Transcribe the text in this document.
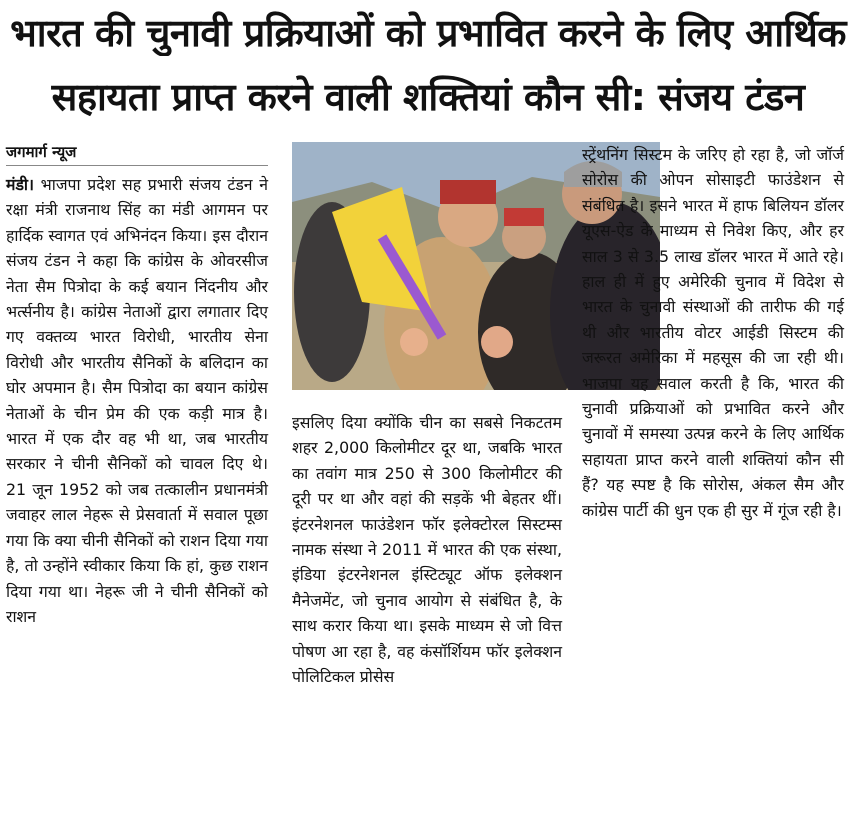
भारत की चुनावी प्रक्रियाओं को प्रभावित करने के लिए आर्थिक
सहायता प्राप्त करने वाली शक्तियां कौन सी: संजय टंडन
जगमार्ग न्यूज

मंडी। भाजपा प्रदेश सह प्रभारी संजय टंडन ने रक्षा मंत्री राजनाथ सिंह का मंडी आगमन पर हार्दिक स्वागत एवं अभिनंदन किया। इस दौरान संजय टंडन ने कहा कि कांग्रेस के ओवरसीज नेता सैम पित्रोदा के कई बयान निंदनीय और भर्त्सनीय है। कांग्रेस नेताओं द्वारा लगातार दिए गए वक्तव्य भारत विरोधी, भारतीय सेना विरोधी और भारतीय सैनिकों के बलिदान का घोर अपमान है। सैम पित्रोदा का बयान कांग्रेस नेताओं के चीन प्रेम की एक कड़ी मात्र है। भारत में एक दौर वह भी था, जब भारतीय सरकार ने चीनी सैनिकों को चावल दिए थे। 21 जून 1952 को जब तत्कालीन प्रधानमंत्री जवाहर लाल नेहरू से प्रेसवार्ता में सवाल पूछा गया कि क्या चीनी सैनिकों को राशन दिया गया है, तो उन्होंने स्वीकार किया कि हां, कुछ राशन दिया गया था। नेहरू जी ने चीनी सैनिकों को राशन

इसलिए दिया क्योंकि चीन का सबसे निकटतम शहर 2,000 किलोमीटर दूर था, जबकि भारत का तवांग मात्र 250 से 300 किलोमीटर की दूरी पर था और वहां की सड़कें भी बेहतर थीं। इंटरनेशनल फाउंडेशन फॉर इलेक्टोरल सिस्टम्स नामक संस्था ने 2011 में भारत की एक संस्था, इंडिया इंटरनेशनल इंस्टिट्यूट ऑफ इलेक्शन मैनेजमेंट, जो चुनाव आयोग से संबंधित है, के साथ करार किया था। इसके माध्यम से जो वित्त पोषण आ रहा है, वह कंसॉर्शियम फॉर इलेक्शन पोलिटिकल प्रोसेस

स्ट्रेंथनिंग सिस्टम के जरिए हो रहा है, जो जॉर्ज सोरोस की ओपन सोसाइटी फाउंडेशन से संबंधित है। इसने भारत में हाफ बिलियन डॉलर यूएस-ऐड के माध्यम से निवेश किए, और हर साल 3 से 3.5 लाख डॉलर भारत में आते रहे। हाल ही में हुए अमेरिकी चुनाव में विदेश से भारत के चुनावी संस्थाओं की तारीफ की गई थी और भारतीय वोटर आईडी सिस्टम की जरूरत अमेरिका में महसूस की जा रही थी। भाजपा यह सवाल करती है कि, भारत की चुनावी प्रक्रियाओं को प्रभावित करने और चुनावों में समस्या उत्पन्न करने के लिए आर्थिक सहायता प्राप्त करने वाली शक्तियां कौन सी हैं? यह स्पष्ट है कि सोरोस, अंकल सैम और कांग्रेस पार्टी की धुन एक ही सुर में गूंज रही है।
